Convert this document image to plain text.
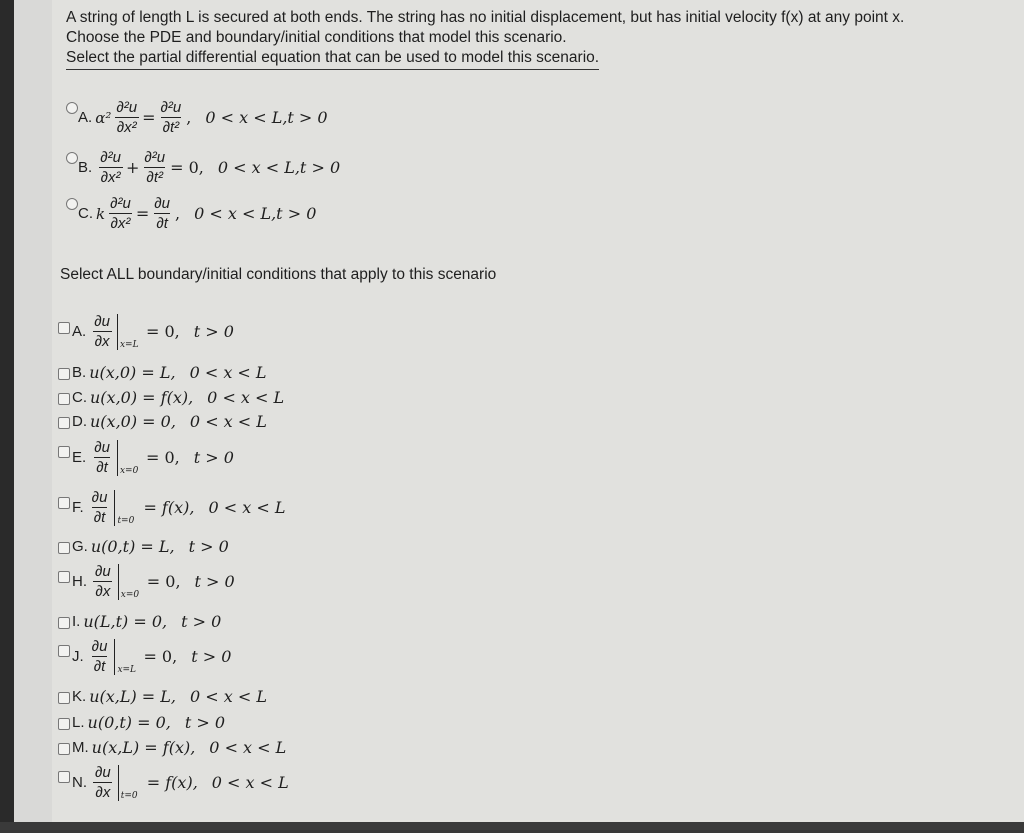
A string of length L is secured at both ends. The string has no initial displacement, but has initial velocity f(x) at any point x.
Choose the PDE and boundary/initial conditions that model this scenario.
Select the partial differential equation that can be used to model this scenario.
A. $\alpha^2 \frac{\text{∂²u}}{\text{∂x²}} = \frac{\text{∂²u}}{\text{∂t²}}$ , 0 < x < L,t > 0
B. $\frac{\text{∂²u}}{\text{∂x²}} + \frac{\text{∂²u}}{\text{∂t²}} = 0$, 0 < x < L,t > 0
C. k $\frac{\text{∂²u}}{\text{∂x²}} = \frac{\partial u}{\partial t}$ , 0 < x < L,t > 0
Select ALL boundary/initial conditions that apply to this scenario
A. $\frac{\partial u}{\partial x} x=L$
= 0, t > 0
B. u(x,0) = L, 0 < x < L
C. u(x,0) = f(x), 0 < x < L
D. u(x,0) = 0, 0 < x < L
E. $\frac{\partial u}{\partial t} x=0$
= 0, t > 0
F. $\frac{\partial u}{\partial t} t=0$
= f(x), 0 < x < L
G. u(0,t) = L, t > 0
H. $\frac{\partial u}{\partial x} x=0$
= 0, t > 0
I. u(L,t) = 0, t > 0
J. $\frac{\partial u}{\partial t} x=L$
= 0, t > 0
K. u(x,L) = L, 0 < x < L
L. u(0,t) = 0, t > 0
M. u(x,L) = f(x), 0 < x < L
N. $\frac{\partial u}{\partial x} t=0$
= f(x), 0 < x < L
